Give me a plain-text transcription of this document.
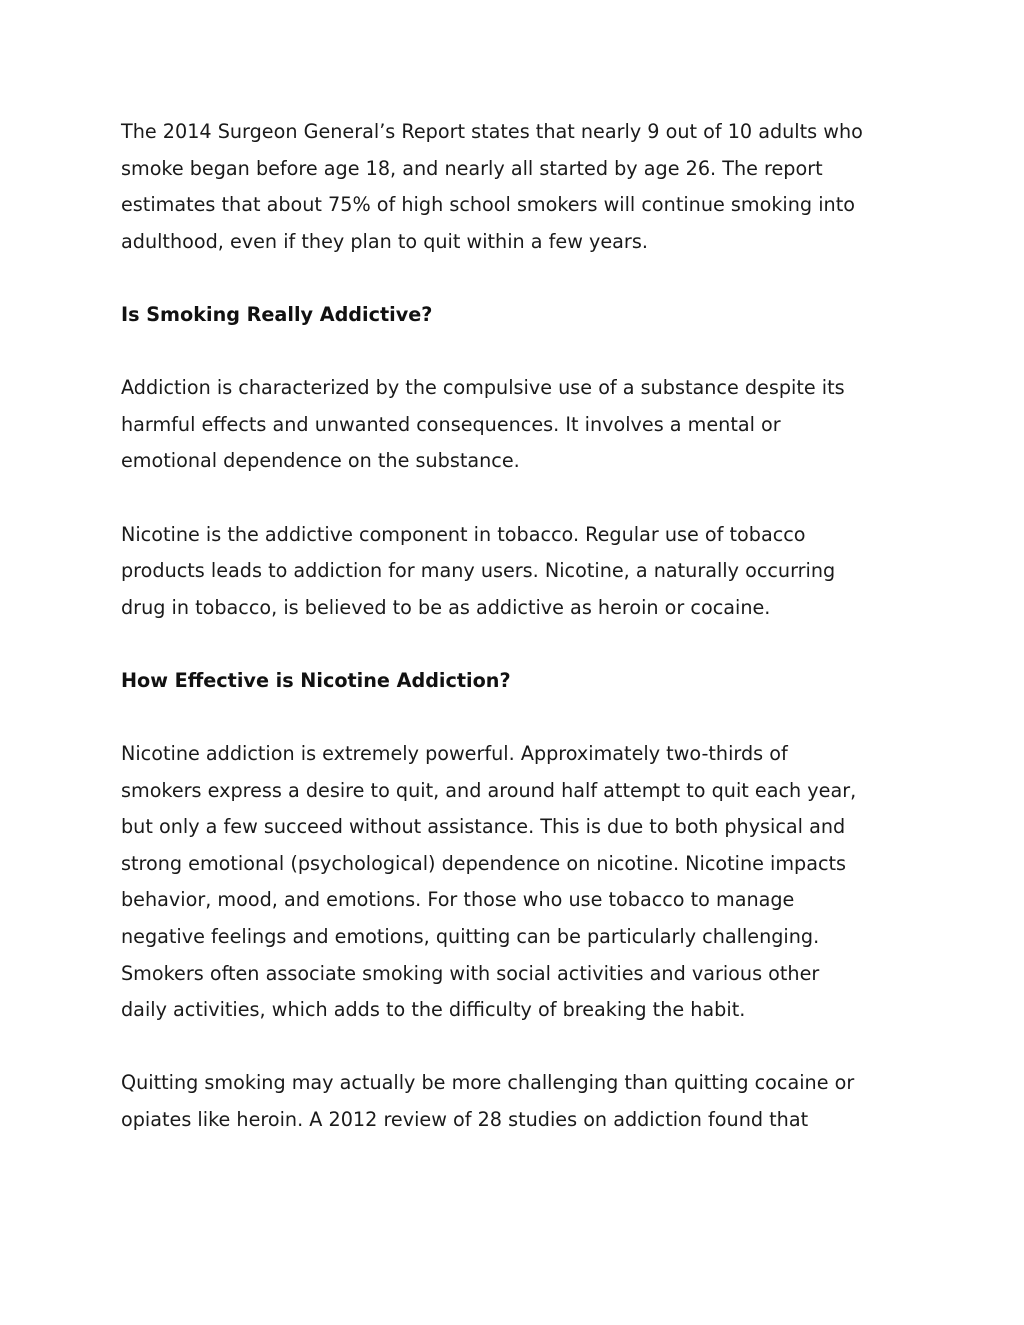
The 2014 Surgeon General’s Report states that nearly 9 out of 10 adults who
smoke began before age 18, and nearly all started by age 26. The report
estimates that about 75% of high school smokers will continue smoking into
adulthood, even if they plan to quit within a few years.

Is Smoking Really Addictive?

Addiction is characterized by the compulsive use of a substance despite its
harmful effects and unwanted consequences. It involves a mental or
emotional dependence on the substance.

Nicotine is the addictive component in tobacco. Regular use of tobacco
products leads to addiction for many users. Nicotine, a naturally occurring
drug in tobacco, is believed to be as addictive as heroin or cocaine.

How Effective is Nicotine Addiction?

Nicotine addiction is extremely powerful. Approximately two-thirds of
smokers express a desire to quit, and around half attempt to quit each year,
but only a few succeed without assistance. This is due to both physical and
strong emotional (psychological) dependence on nicotine. Nicotine impacts
behavior, mood, and emotions. For those who use tobacco to manage
negative feelings and emotions, quitting can be particularly challenging.
Smokers often associate smoking with social activities and various other
daily activities, which adds to the difficulty of breaking the habit.

Quitting smoking may actually be more challenging than quitting cocaine or
opiates like heroin. A 2012 review of 28 studies on addiction found that
